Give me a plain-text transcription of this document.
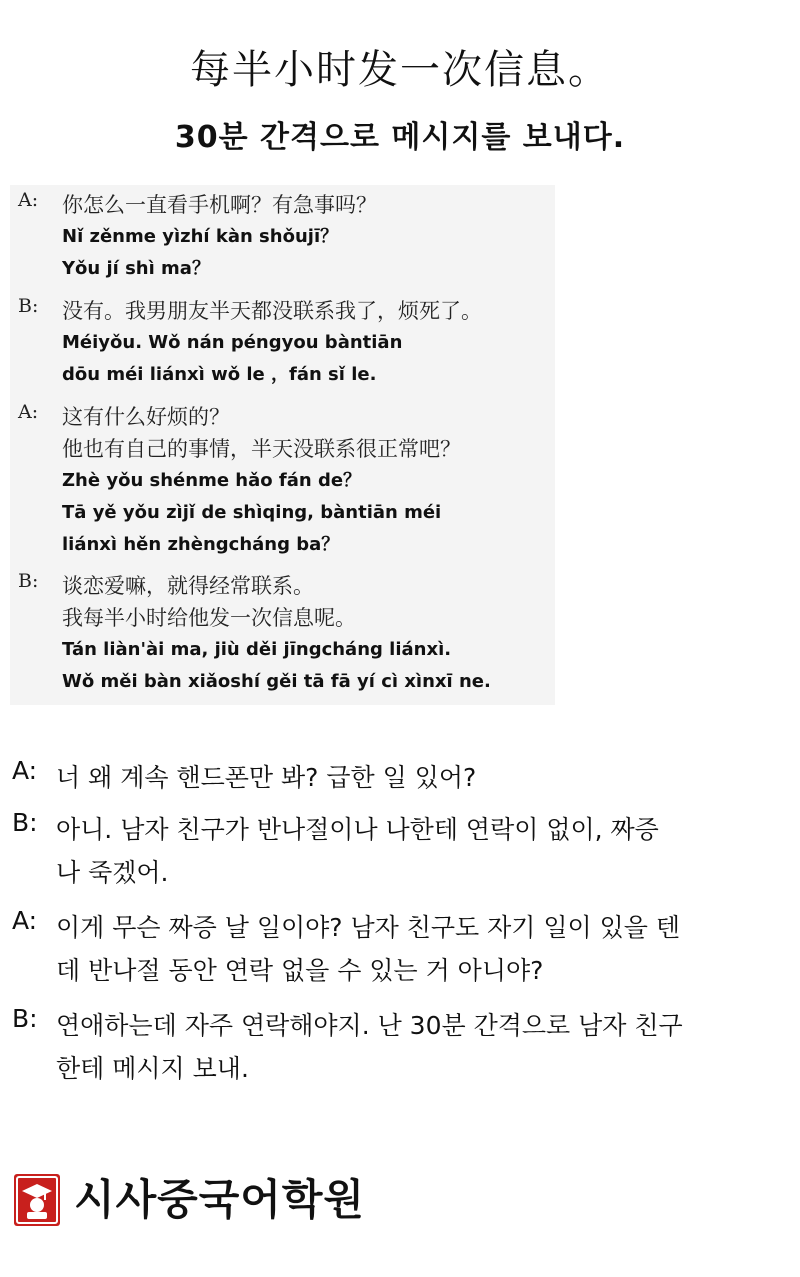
每半小时发一次信息。
30분 간격으로 메시지를 보내다.
A: 你怎么一直看手机啊？有急事吗？
Nǐ zěnme yìzhí kàn shǒujī？
Yǒu jí shì ma？
B: 没有。我男朋友半天都没联系我了，烦死了。
Méiyǒu. Wǒ nán péngyou bàntiān
dōu méi liánxì wǒ le ，fán sǐ le.
A: 这有什么好烦的？
他也有自己的事情，半天没联系很正常吧？
Zhè yǒu shénme hǎo fán de？
Tā yě yǒu zìjǐ de shìqing, bàntiān méi
liánxì hěn zhèngcháng ba？
B: 谈恋爱嘛，就得经常联系。
我每半小时给他发一次信息呢。
Tán liàn'ài ma, jiù děi jīngcháng liánxì.
Wǒ měi bàn xiǎoshí gěi tā fā yí cì xìnxī ne.
A: 너 왜 계속 핸드폰만 봐? 급한 일 있어?
B: 아니. 남자 친구가 반나절이나 나한테 연락이 없이, 짜증
나 죽겠어.
A: 이게 무슨 짜증 날 일이야? 남자 친구도 자기 일이 있을 텐
데 반나절 동안 연락 없을 수 있는 거 아니야?
B: 연애하는데 자주 연락해야지. 난 30분 간격으로 남자 친구
한테 메시지 보내.
시사중국어학원
